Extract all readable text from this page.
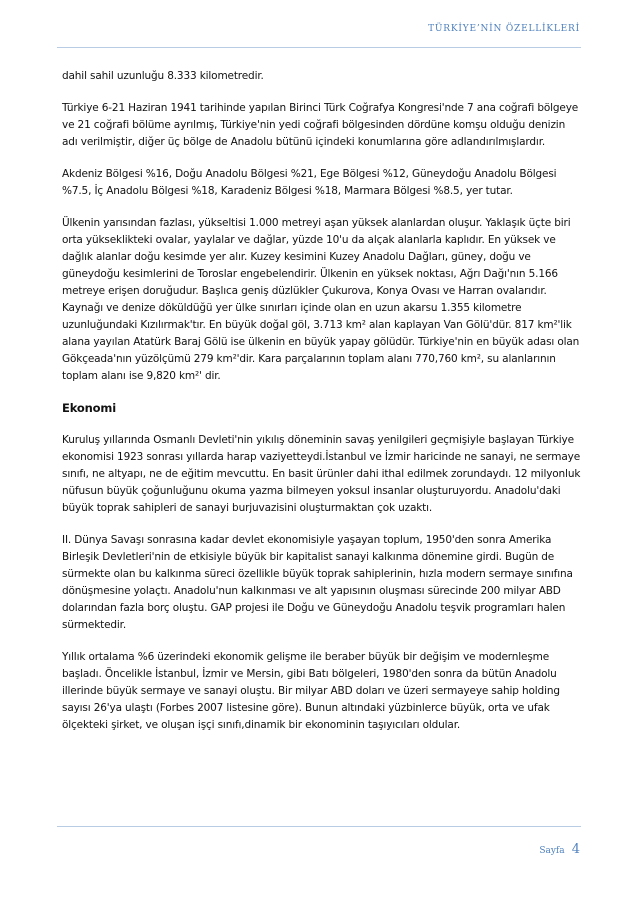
TÜRKİYE’NİN ÖZELLİKLERİ

dahil sahil uzunluğu 8.333 kilometredir.

Türkiye 6-21 Haziran 1941 tarihinde yapılan Birinci Türk Coğrafya Kongresi'nde 7 ana coğrafi bölgeye ve 21 coğrafi bölüme ayrılmış, Türkiye'nin yedi coğrafi bölgesinden dördüne komşu olduğu denizin adı verilmiştir, diğer üç bölge de Anadolu bütünü içindeki konumlarına göre adlandırılmışlardır.

Akdeniz Bölgesi %16, Doğu Anadolu Bölgesi %21, Ege Bölgesi %12, Güneydoğu Anadolu Bölgesi %7.5, İç Anadolu Bölgesi %18, Karadeniz Bölgesi %18, Marmara Bölgesi %8.5, yer tutar.

Ülkenin yarısından fazlası, yükseltisi 1.000 metreyi aşan yüksek alanlardan oluşur. Yaklaşık üçte biri orta yükseklikteki ovalar, yaylalar ve dağlar, yüzde 10'u da alçak alanlarla kaplıdır. En yüksek ve dağlık alanlar doğu kesimde yer alır. Kuzey kesimini Kuzey Anadolu Dağları, güney, doğu ve güneydoğu kesimlerini de Toroslar engebelendirir. Ülkenin en yüksek noktası, Ağrı Dağı'nın 5.166 metreye erişen doruğudur. Başlıca geniş düzlükler Çukurova, Konya Ovası ve Harran ovalarıdır. Kaynağı ve denize döküldüğü yer ülke sınırları içinde olan en uzun akarsu 1.355 kilometre uzunluğundaki Kızılırmak'tır. En büyük doğal göl, 3.713 km² alan kaplayan Van Gölü'dür. 817 km²'lik alana yayılan Atatürk Baraj Gölü ise ülkenin en büyük yapay gölüdür. Türkiye'nin en büyük adası olan Gökçeada'nın yüzölçümü 279 km²'dir. Kara parçalarının toplam alanı 770,760 km², su alanlarının toplam alanı ise 9,820 km²' dir.

Ekonomi

Kuruluş yıllarında Osmanlı Devleti'nin yıkılış döneminin savaş yenilgileri geçmişiyle başlayan Türkiye ekonomisi 1923 sonrası yıllarda harap vaziyetteydi.İstanbul ve İzmir haricinde ne sanayi, ne sermaye sınıfı, ne altyapı, ne de eğitim mevcuttu. En basit ürünler dahi ithal edilmek zorundaydı. 12 milyonluk nüfusun büyük çoğunluğunu okuma yazma bilmeyen yoksul insanlar oluşturuyordu. Anadolu'daki büyük toprak sahipleri de sanayi burjuvazisini oluşturmaktan çok uzaktı.

II. Dünya Savaşı sonrasına kadar devlet ekonomisiyle yaşayan toplum, 1950'den sonra Amerika Birleşik Devletleri'nin de etkisiyle büyük bir kapitalist sanayi kalkınma dönemine girdi. Bugün de sürmekte olan bu kalkınma süreci özellikle büyük toprak sahiplerinin, hızla modern sermaye sınıfına dönüşmesine yolaçtı. Anadolu'nun kalkınması ve alt yapısının oluşması sürecinde 200 milyar ABD dolarından fazla borç oluştu. GAP projesi ile Doğu ve Güneydoğu Anadolu teşvik programları halen sürmektedir.

Yıllık ortalama %6 üzerindeki ekonomik gelişme ile beraber büyük bir değişim ve modernleşme başladı. Öncelikle İstanbul, İzmir ve Mersin, gibi Batı bölgeleri, 1980'den sonra da bütün Anadolu illerinde büyük sermaye ve sanayi oluştu. Bir milyar ABD doları ve üzeri sermayeye sahip holding sayısı 26'ya ulaştı (Forbes 2007 listesine göre). Bunun altındaki yüzbinlerce büyük, orta ve ufak ölçekteki şirket, ve oluşan işçi sınıfı,dinamik bir ekonominin taşıyıcıları oldular.

Sayfa 4
